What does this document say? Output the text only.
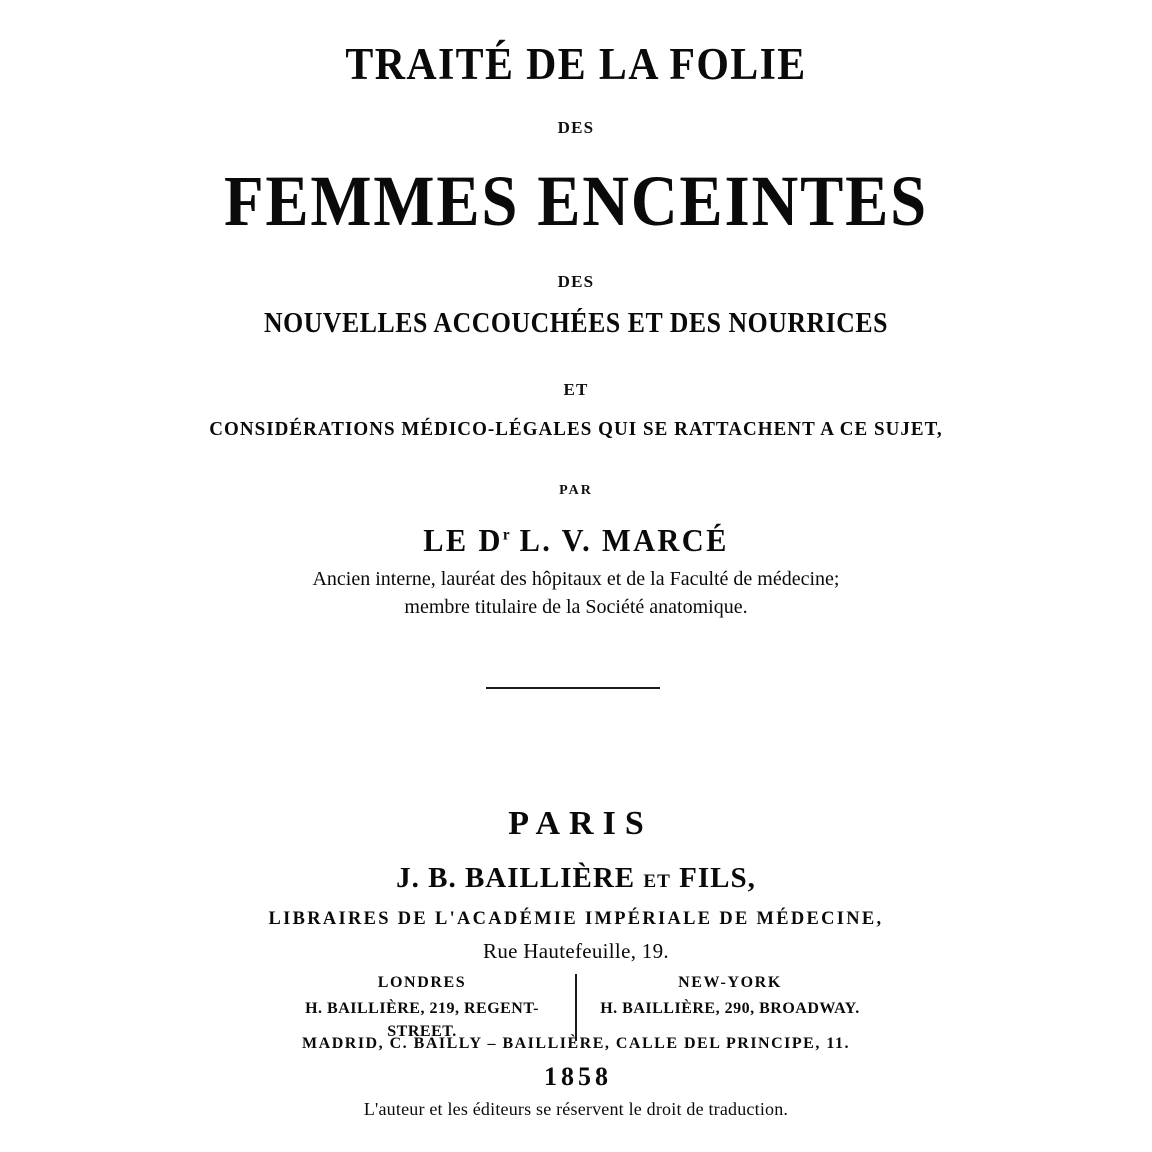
TRAITÉ DE LA FOLIE
DES
FEMMES ENCEINTES
DES
NOUVELLES ACCOUCHÉES ET DES NOURRICES
ET
CONSIDÉRATIONS MÉDICO-LÉGALES QUI SE RATTACHENT A CE SUJET,
PAR
LE $D^r$ L. V. MARCÉ
Ancien interne, lauréat des hôpitaux et de la Faculté de médecine;
membre titulaire de la Société anatomique.
PARIS
J. B. BAILLIÈRE ET FILS,
LIBRAIRES DE L'ACADÉMIE IMPÉRIALE DE MÉDECINE,
Rue Hautefeuille, 19.
LONDRES
H. BAILLIÈRE, 219, REGENT-STREET.
NEW-YORK
H. BAILLIÈRE, 290, BROADWAY.
MADRID, C. BAILLY – BAILLIÈRE, CALLE DEL PRINCIPE, 11.
1858
L'auteur et les éditeurs se réservent le droit de traduction.
